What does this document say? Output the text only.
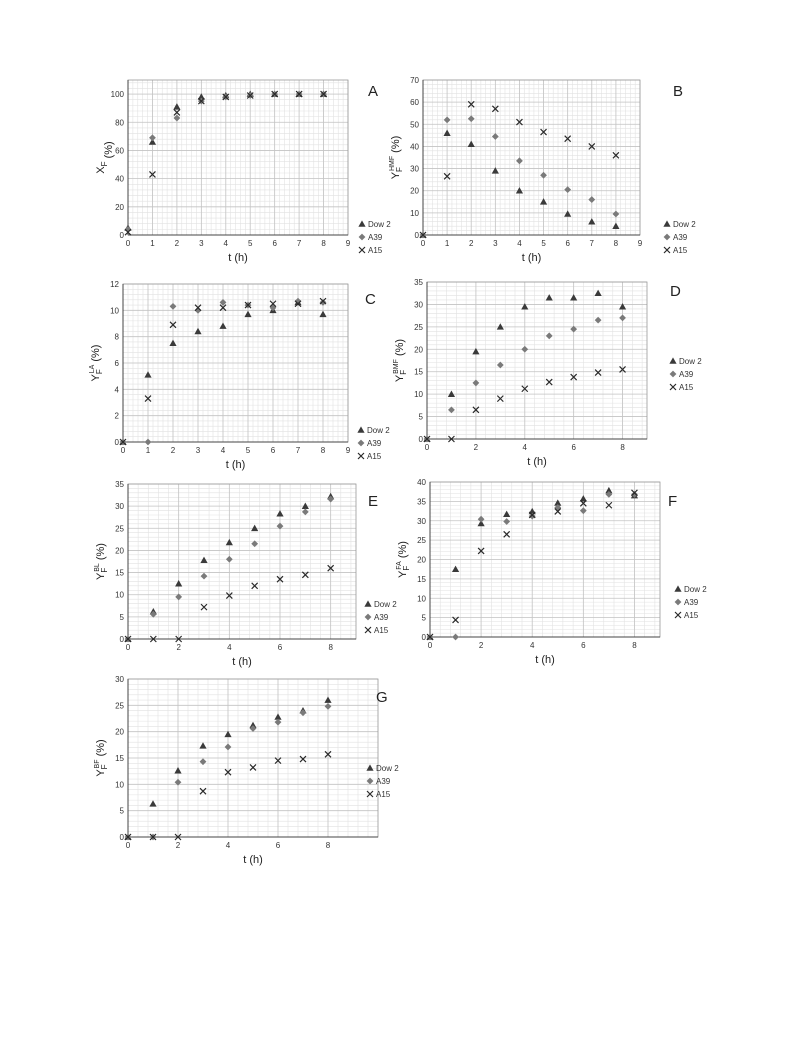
0 1 2 3 4 5 6 7 8 9
0
20
40
60
80
100
t (h)
$X_F$ (%)
Dow 2
A39
A15
A
0 1 2 3 4 5 6 7 8 9
0
10
20
30
40
50
60
70
t (h)
$Y_FHMF$ (%)
Dow 2
A39
A15
B
0	1	2	3	4	5	6	7	8	9
0
2
4
6
8
10
12
t (h)
$Y_FLA$ (%)
Dow 2
A39
A15
C
0	2	4	6	8
0
5
10
15
20
25
30
35
t (h)
$Y_FBMF$ (%)
Dow 2
A39
A15
D
0	2	4	6	8
0
5
10
15
20
25
30
35
t (h)
$Y_FBL$ (%)
Dow 2
A39
A15
E
0	2	4	6	8
0
5
10
15
20
25
30
35
40
t (h)
$Y_FFA$ (%)
Dow 2
A39
A15
F
0	2	4	6	8
0
5
10
15
20
25
30
t (h)
$Y_FBF$ (%)
Dow 2
A39
A15
G
